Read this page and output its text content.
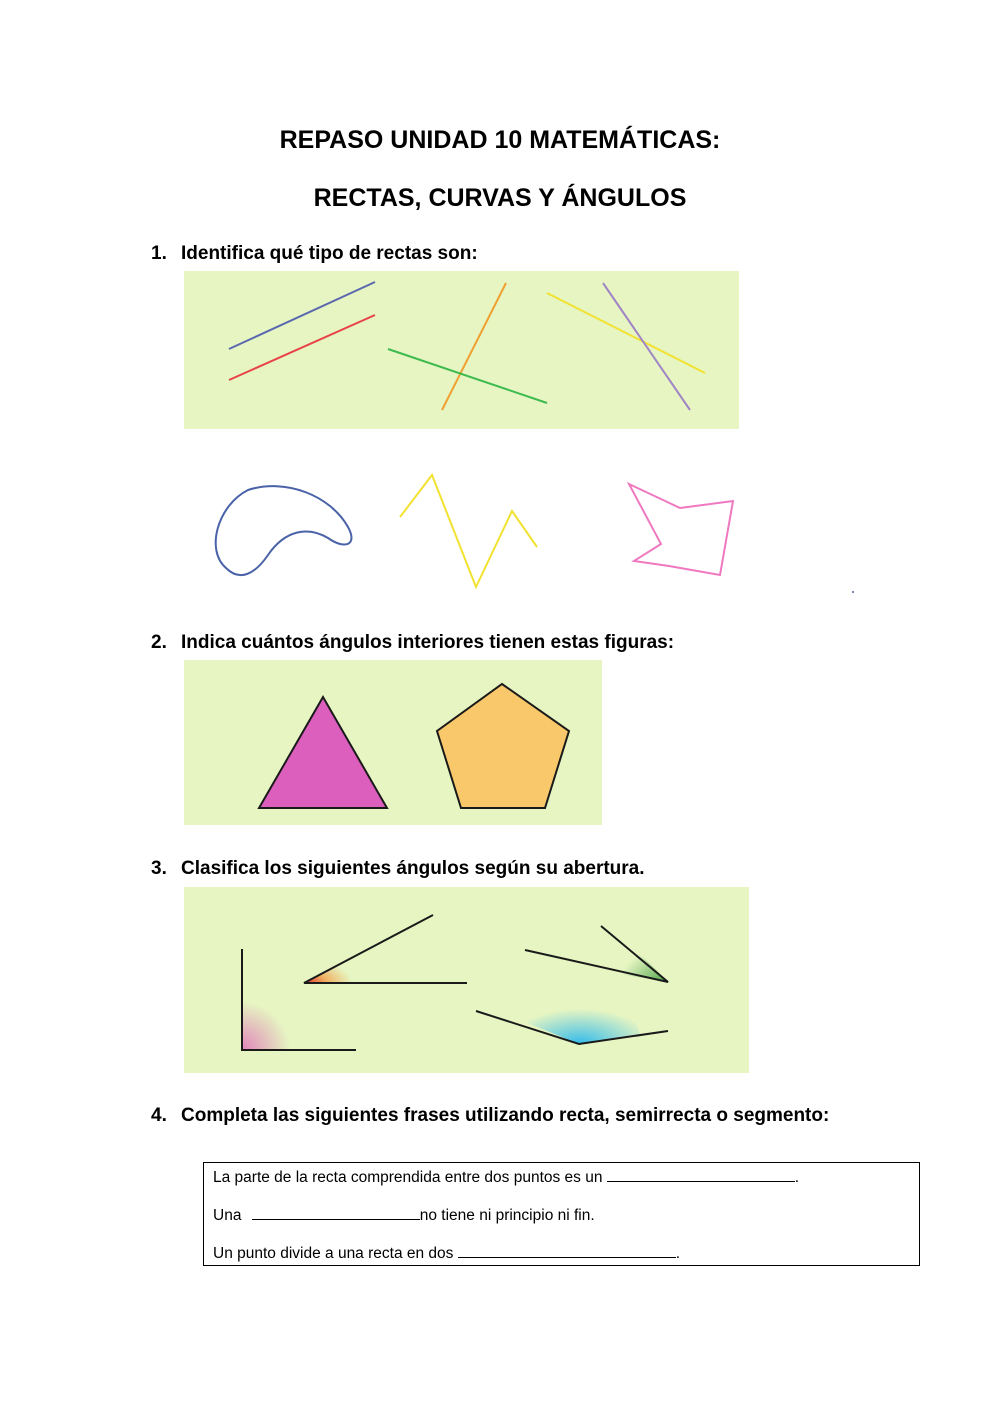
REPASO UNIDAD 10 MATEMÁTICAS:
RECTAS, CURVAS Y ÁNGULOS

1. Identifica qué tipo de rectas son:

2. Indica cuántos ángulos interiores tienen estas figuras:

3. Clasifica los siguientes ángulos según su abertura.

4. Completa las siguientes frases utilizando recta, semirrecta o segmento:

La parte de la recta comprendida entre dos puntos es un	.
Una	no tiene ni principio ni fin.
Un punto divide a una recta en dos	.
